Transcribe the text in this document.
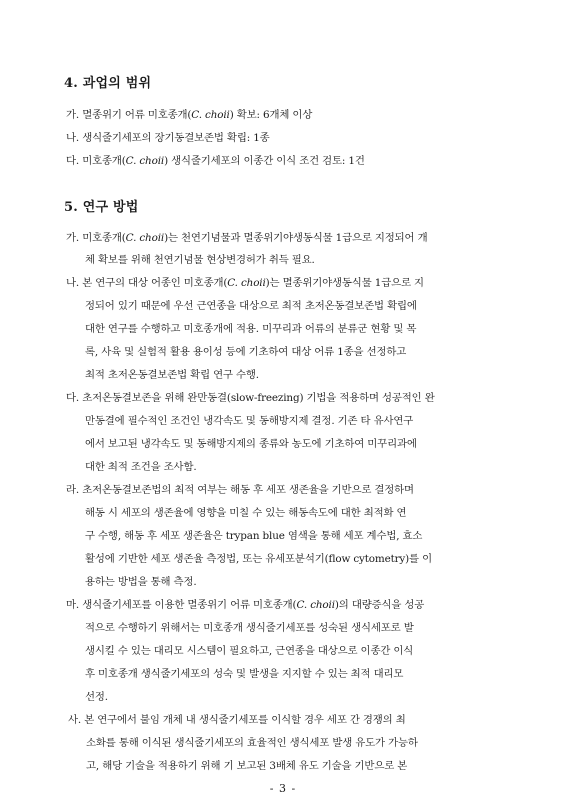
4. 과업의 범위
가. 멸종위기 어류 미호종개(C. choii) 확보: 6개체 이상
나. 생식줄기세포의 장기동결보존법 확립: 1종
다. 미호종개(C. choii) 생식줄기세포의 이종간 이식 조건 검토: 1건
5. 연구 방법
가. 미호종개(C. choii)는 천연기념물과 멸종위기야생동식물 1급으로 지정되어 개
체 확보를 위해 천연기념물 현상변경허가 취득 필요.
나. 본 연구의 대상 어종인 미호종개(C. choii)는 멸종위기야생동식물 1급으로 지
정되어 있기 때문에 우선 근연종을 대상으로 최적 초저온동결보존법 확립에
대한 연구를 수행하고 미호종개에 적용. 미꾸리과 어류의 분류군 현황 및 목
록, 사육 및 실험적 활용 용이성 등에 기초하여 대상 어류 1종을 선정하고
최적 초저온동결보존법 확립 연구 수행.
다. 초저온동결보존을 위해 완만동결(slow-freezing) 기법을 적용하며 성공적인 완
만동결에 필수적인 조건인 냉각속도 및 동해방지제 결정. 기존 타 유사연구
에서 보고된 냉각속도 및 동해방지제의 종류와 농도에 기초하여 미꾸리과에
대한 최적 조건을 조사함.
라. 초저온동결보존법의 최적 여부는 해동 후 세포 생존율을 기반으로 결정하며
해동 시 세포의 생존율에 영향을 미칠 수 있는 해동속도에 대한 최적화 연
구 수행, 해동 후 세포 생존율은 trypan blue 염색을 통해 세포 계수법, 효소
활성에 기반한 세포 생존율 측정법, 또는 유세포분석기(flow cytometry)를 이
용하는 방법을 통해 측정.
마. 생식줄기세포를 이용한 멸종위기 어류 미호종개(C. choii)의 대량증식을 성공
적으로 수행하기 위해서는 미호종개 생식줄기세포를 성숙된 생식세포로 발
생시킬 수 있는 대리모 시스템이 필요하고, 근연종을 대상으로 이종간 이식
후 미호종개 생식줄기세포의 성숙 및 발생을 지지할 수 있는 최적 대리모
선정.
사. 본 연구에서 불임 개체 내 생식줄기세포를 이식할 경우 세포 간 경쟁의 최
소화를 통해 이식된 생식줄기세포의 효율적인 생식세포 발생 유도가 가능하
고, 해당 기술을 적용하기 위해 기 보고된 3배체 유도 기술을 기반으로 본
- 3 -
